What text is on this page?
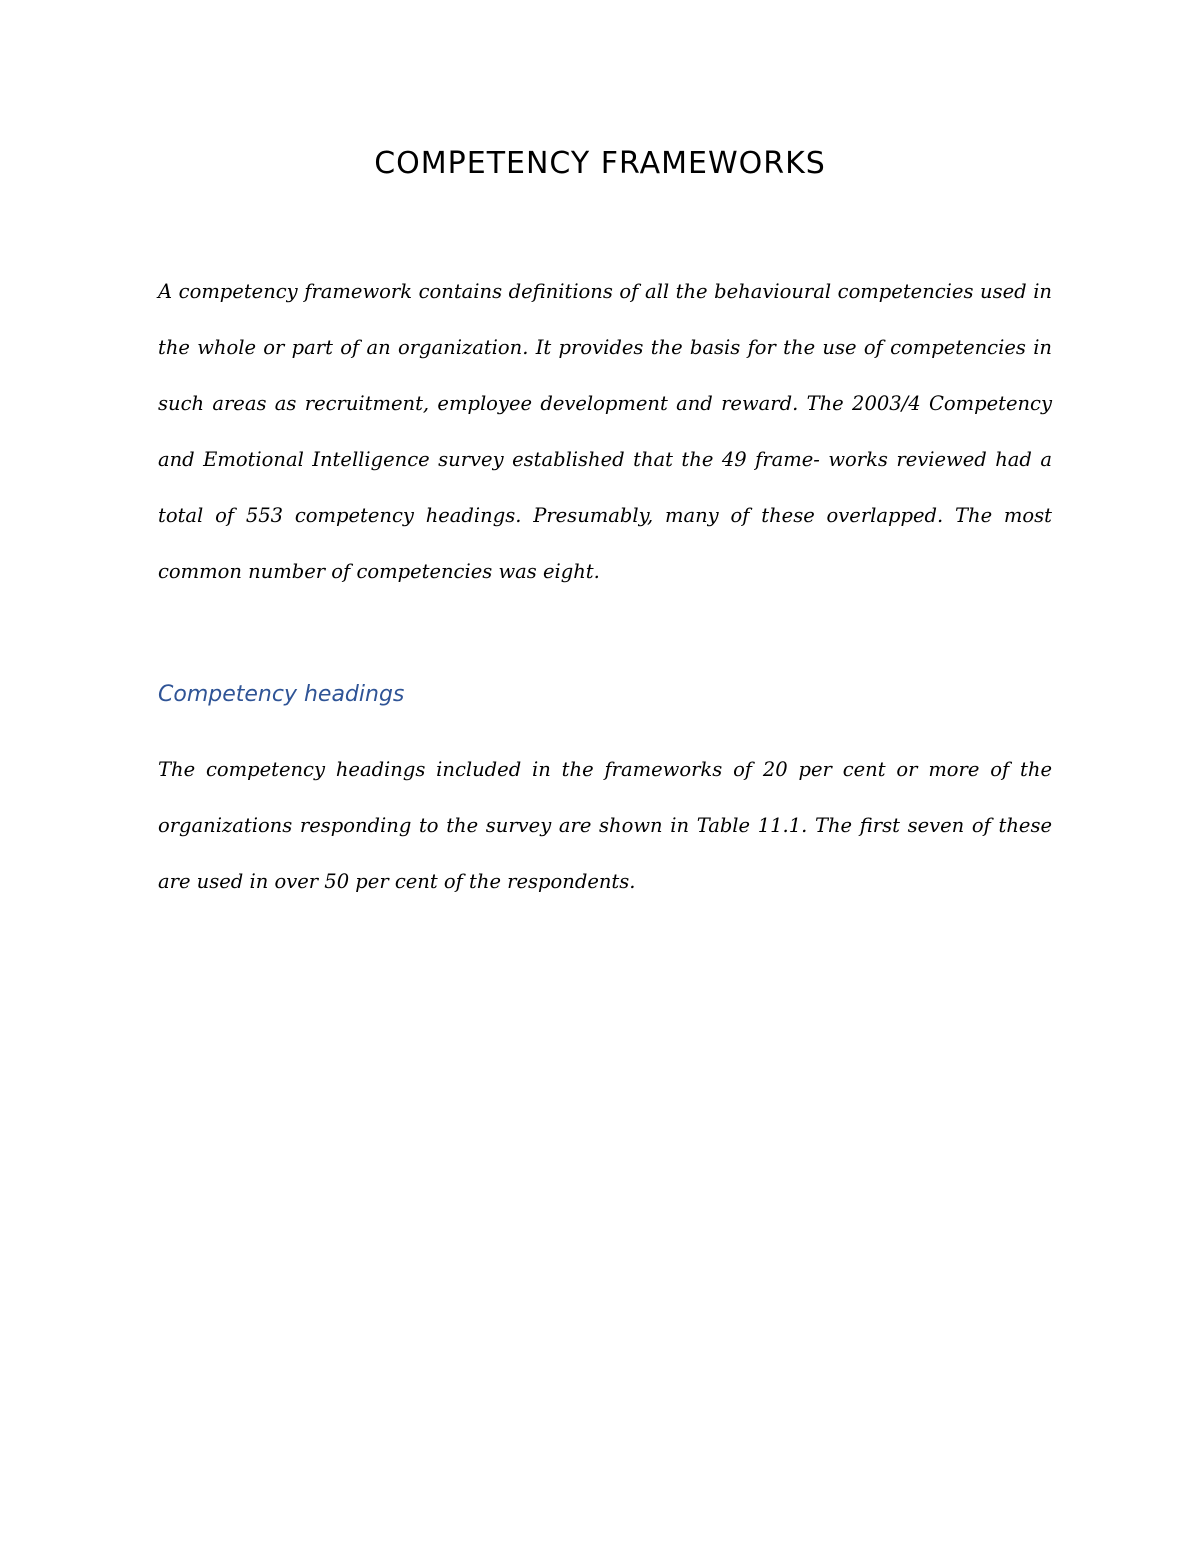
COMPETENCY FRAMEWORKS

A competency framework contains definitions of all the behavioural competencies used in the whole or part of an organization. It provides the basis for the use of competencies in such areas as recruitment, employee development and reward. The 2003/4 Competency and Emotional Intelligence survey established that the 49 frame- works reviewed had a total of 553 competency headings. Presumably, many of these overlapped. The most common number of competencies was eight.

Competency headings

The competency headings included in the frameworks of 20 per cent or more of the organizations responding to the survey are shown in Table 11.1. The first seven of these are used in over 50 per cent of the respondents.
